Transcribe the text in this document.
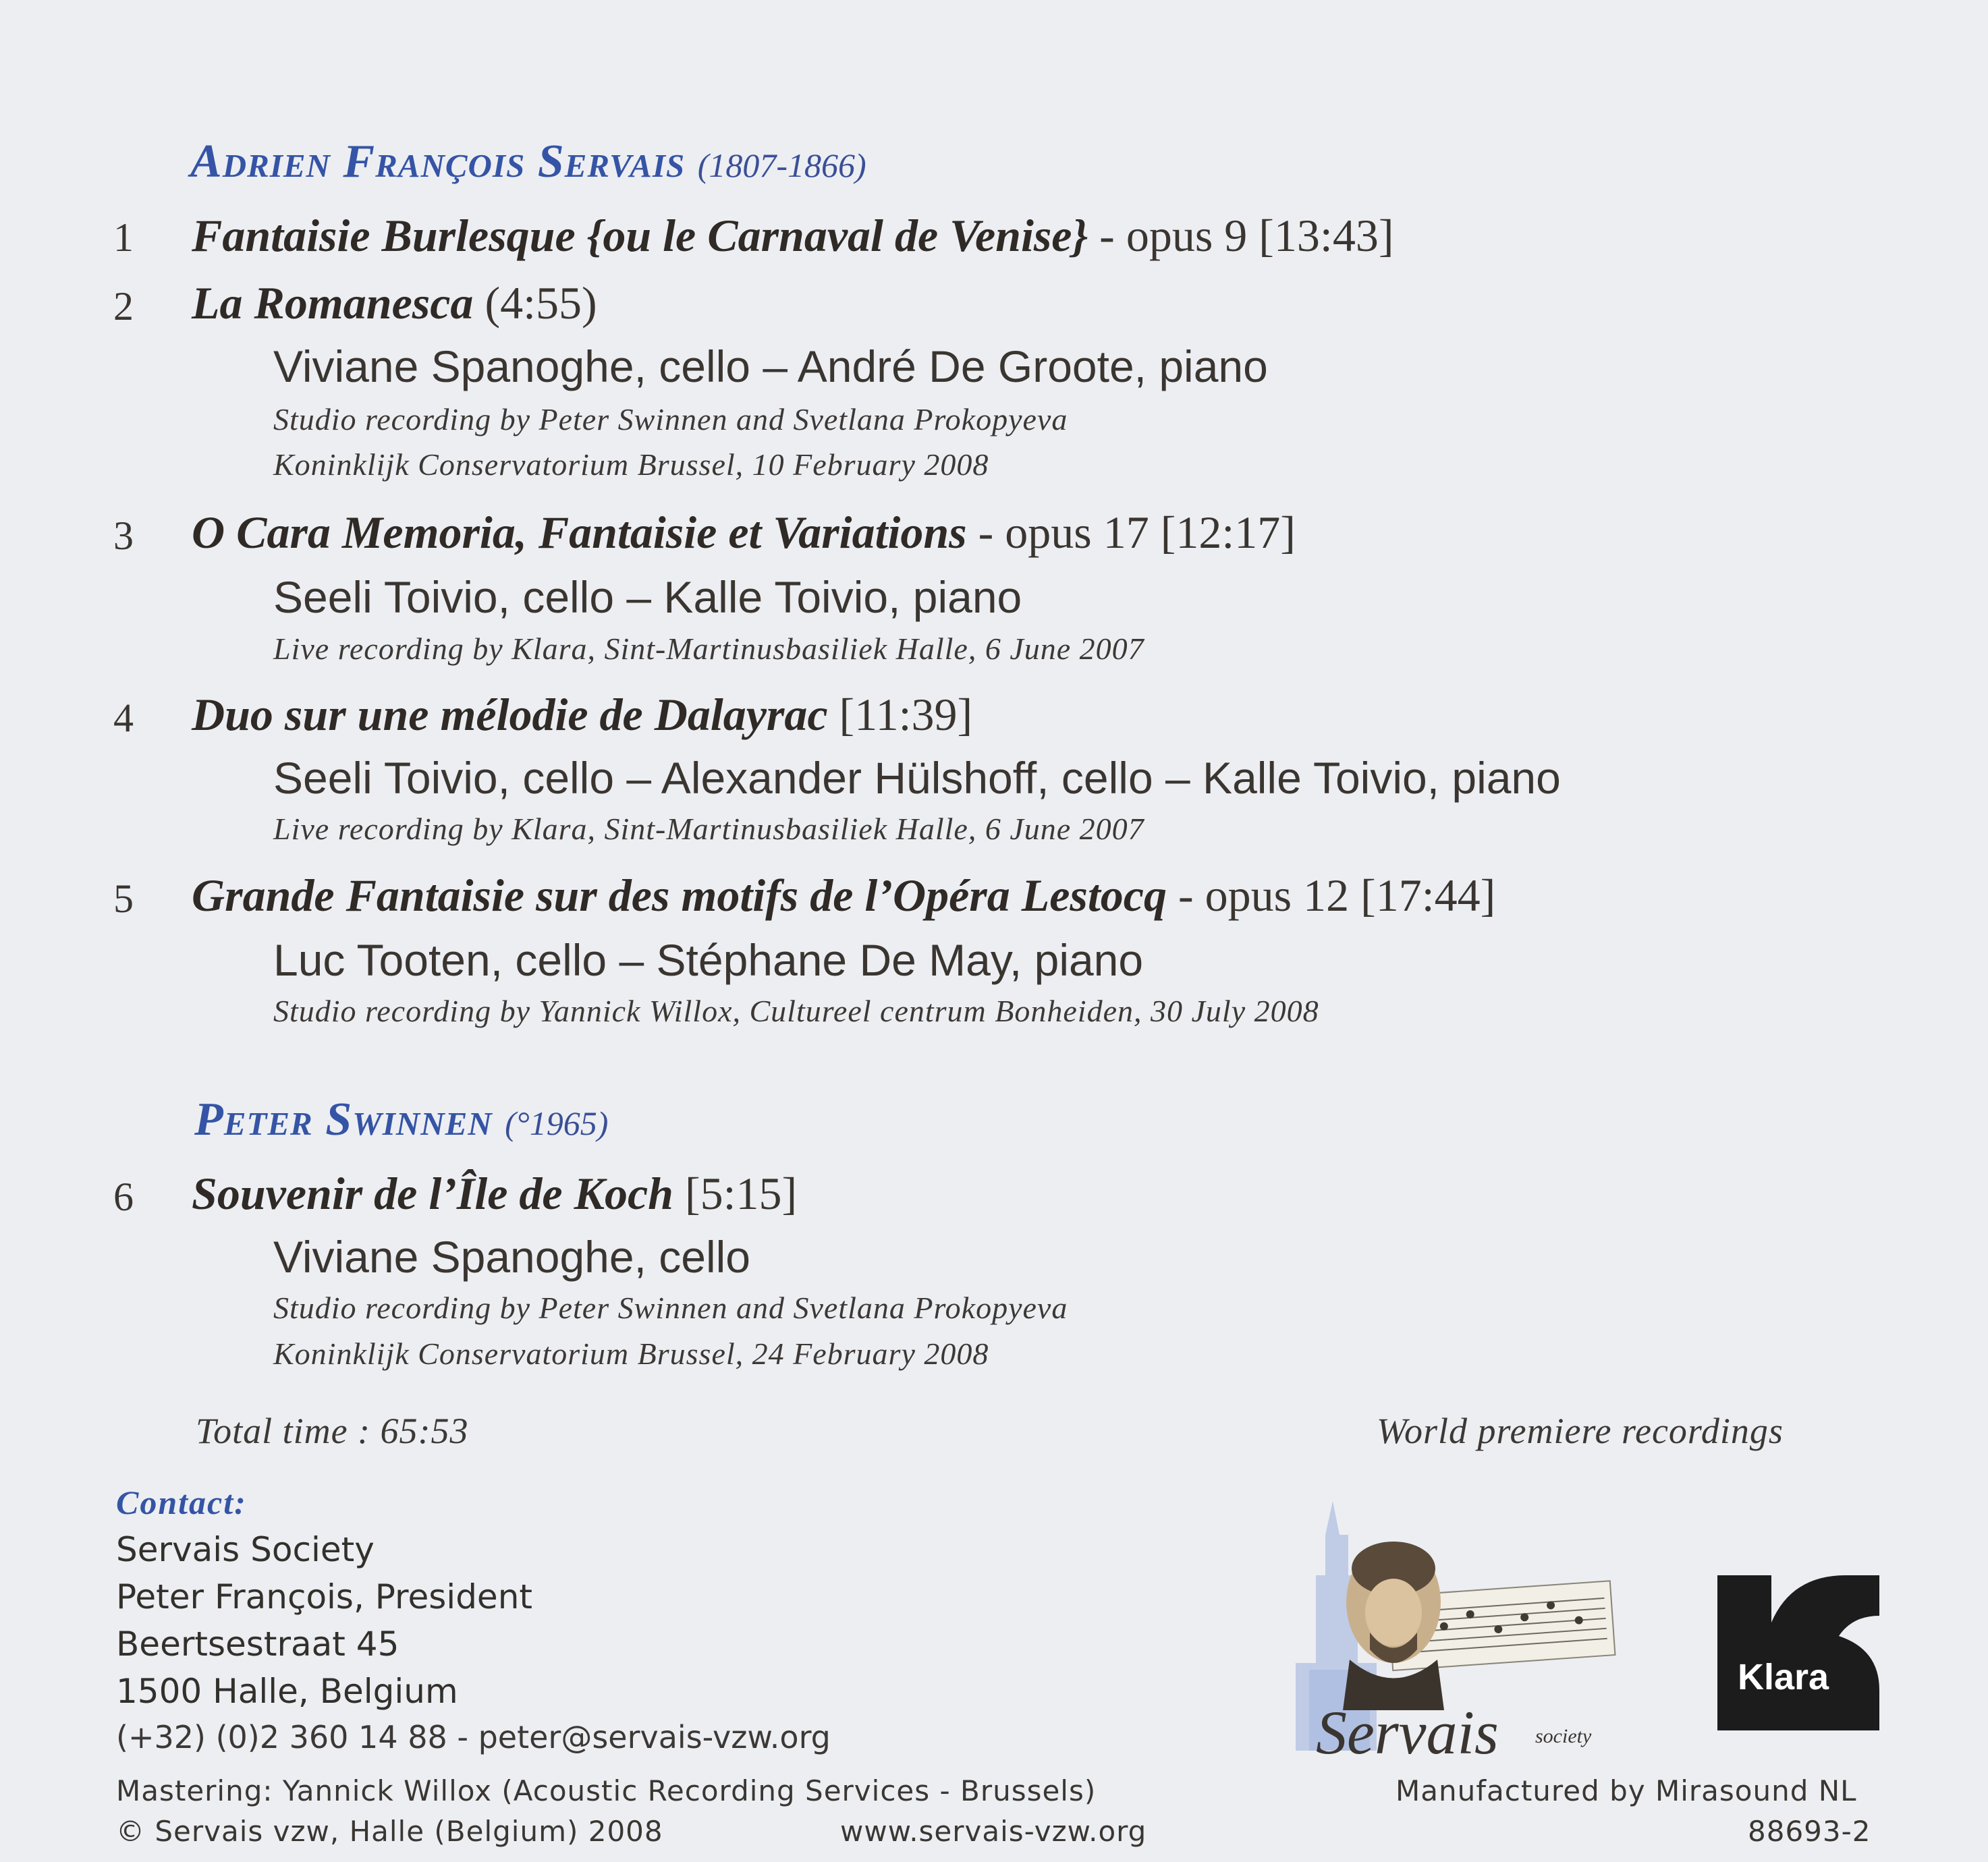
Adrien François Servais (1807-1866)
1 Fantaisie Burlesque {ou le Carnaval de Venise} - opus 9 [13:43]
2 La Romanesca (4:55)
Viviane Spanoghe, cello – André De Groote, piano
Studio recording by Peter Swinnen and Svetlana Prokopyeva
Koninklijk Conservatorium Brussel, 10 February 2008
3 O Cara Memoria, Fantaisie et Variations - opus 17 [12:17]
Seeli Toivio, cello – Kalle Toivio, piano
Live recording by Klara, Sint-Martinusbasiliek Halle, 6 June 2007
4 Duo sur une mélodie de Dalayrac [11:39]
Seeli Toivio, cello – Alexander Hülshoff, cello – Kalle Toivio, piano
Live recording by Klara, Sint-Martinusbasiliek Halle, 6 June 2007
5 Grande Fantaisie sur des motifs de l’Opéra Lestocq - opus 12 [17:44]
Luc Tooten, cello – Stéphane De May, piano
Studio recording by Yannick Willox, Cultureel centrum Bonheiden, 30 July 2008
Peter Swinnen (°1965)
6 Souvenir de l’Île de Koch [5:15]
Viviane Spanoghe, cello
Studio recording by Peter Swinnen and Svetlana Prokopyeva
Koninklijk Conservatorium Brussel, 24 February 2008
Total time : 65:53	World premiere recordings
Contact:
Servais Society
Peter François, President
Beertsestraat 45
1500 Halle, Belgium
(+32) (0)2 360 14 88 - peter@servais-vzw.org
Mastering: Yannick Willox (Acoustic Recording Services - Brussels)
© Servais vzw, Halle (Belgium) 2008	www.servais-vzw.org
Manufactured by Mirasound NL
88693-2
Servais society
Klara
